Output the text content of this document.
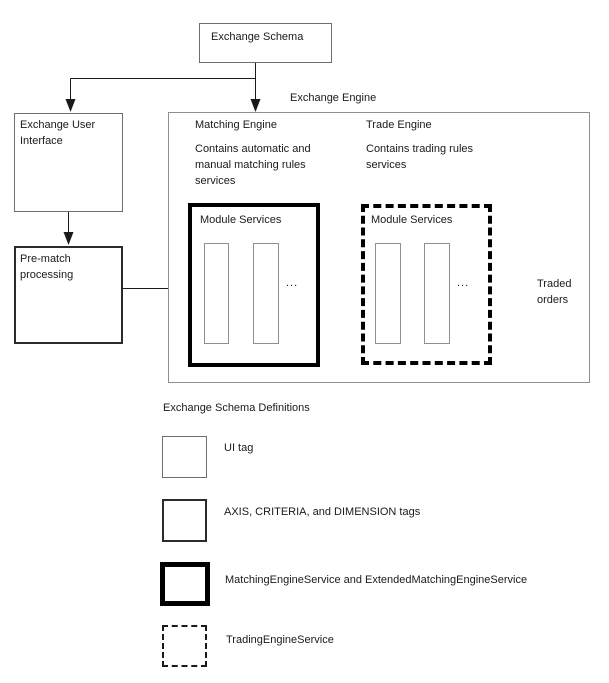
Exchange Schema
Exchange Engine
Matching Engine
Contains automatic and manual matching rules services
Module Services
...
Trade Engine
Contains trading rules services
Module Services
...
Exchange User Interface
Pre-match processing
Traded orders
Exchange Schema Definitions
UI tag
AXIS, CRITERIA, and DIMENSION tags
MatchingEngineService and ExtendedMatchingEngineService
TradingEngineService
